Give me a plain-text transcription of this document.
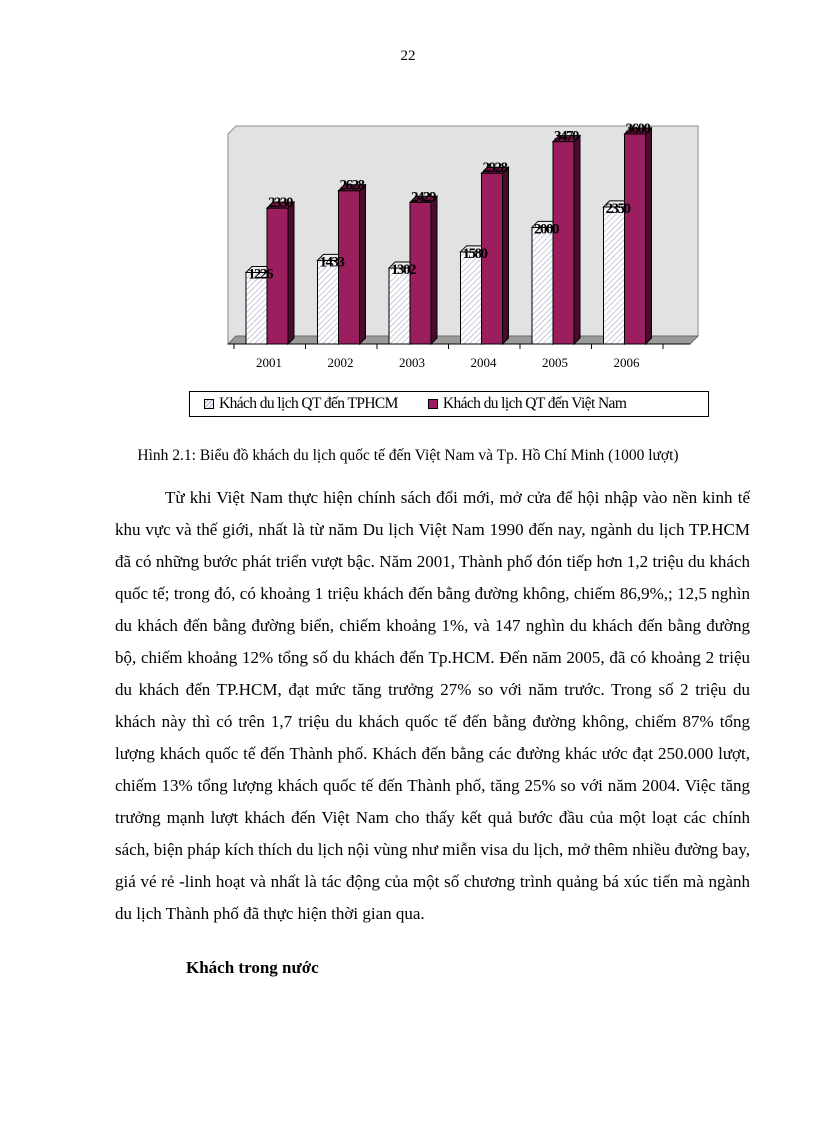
22
1226
2330
1433
2628
1302
2429
1580
2928
2000
3470
2350
3600
2001	2002	2003	2004	2005	2006
Khách du lịch QT đến TPHCM	Khách du lịch QT đến Việt Nam
Hình 2.1: Biểu đồ khách du lịch quốc tế đến Việt Nam và Tp. Hồ Chí Minh (1000 lượt)

Từ khi Việt Nam thực hiện chính sách đổi mới, mở cửa để hội nhập vào nền kinh tế khu vực và thế giới, nhất là từ năm Du lịch Việt Nam 1990 đến nay, ngành du lịch TP.HCM đã có những bước phát triển vượt bậc. Năm 2001, Thành phố đón tiếp hơn 1,2 triệu du khách quốc tế; trong đó, có khoảng 1 triệu khách đến bằng đường không, chiếm 86,9%,; 12,5 nghìn du khách đến bằng đường biển, chiếm khoảng 1%, và 147 nghìn du khách đến bằng đường bộ, chiếm khoảng 12% tổng số du khách đến Tp.HCM. Đến năm 2005, đã có khoảng 2 triệu du khách đến TP.HCM, đạt mức tăng trưởng 27% so với năm trước. Trong số 2 triệu du khách này thì có trên 1,7 triệu du khách quốc tế đến bằng đường không, chiếm 87% tổng lượng khách quốc tế đến Thành phố. Khách đến bằng các đường khác ước đạt 250.000 lượt, chiếm 13% tổng lượng khách quốc tế đến Thành phố, tăng 25% so với năm 2004. Việc tăng trưởng mạnh lượt khách đến Việt Nam cho thấy kết quả bước đầu của một loạt các chính sách, biện pháp kích thích du lịch nội vùng như miễn visa du lịch, mở thêm nhiều đường bay, giá vé rẻ -linh hoạt và nhất là tác động của một số chương trình quảng bá xúc tiến mà ngành du lịch Thành phố đã thực hiện thời gian qua.

Khách trong nước
